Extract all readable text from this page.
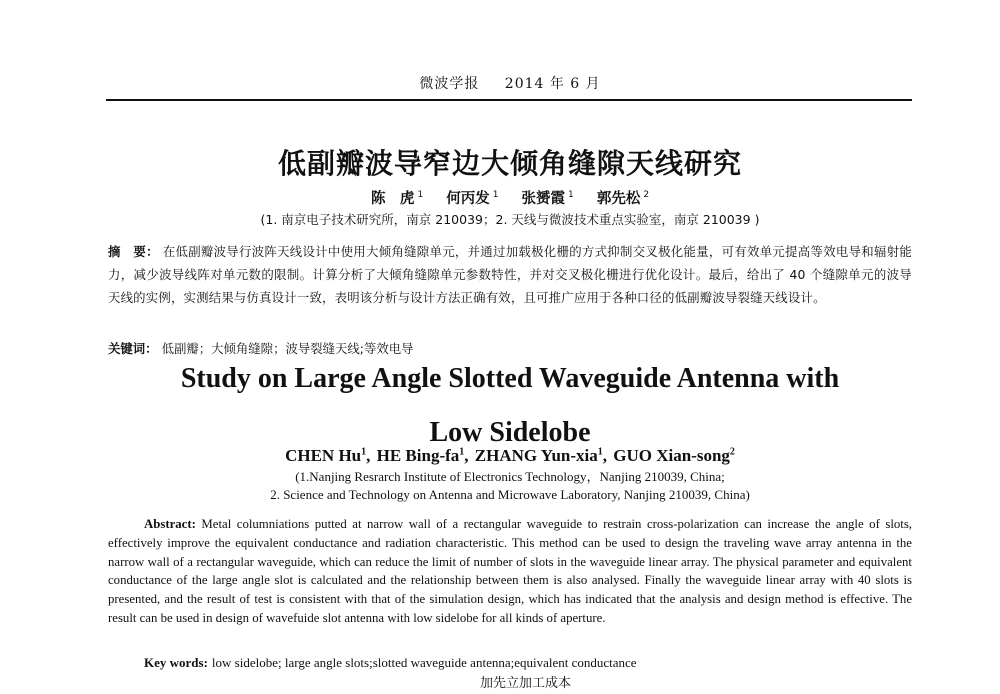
微波学报 2014 年 6 月
低副瓣波导窄边大倾角缝隙天线研究
陈　虎 $^1$ 何丙发 $^1$ 张赟霞 $^1$ 郭先松 $^2$
(1. 南京电子技术研究所，南京 210039；2. 天线与微波技术重点实验室，南京 210039 )
摘　要： 在低副瓣波导行波阵天线设计中使用大倾角缝隙单元，并通过加载极化栅的方式抑制交叉极化能量，可有效单元提高等效电导和辐射能力，减少波导线阵对单元数的限制。计算分析了大倾角缝隙单元参数特性，并对交叉极化栅进行优化设计。最后，给出了 40 个缝隙单元的波导天线的实例，实测结果与仿真设计一致，表明该分析与设计方法正确有效，且可推广应用于各种口径的低副瓣波导裂缝天线设计。
关键词： 低副瓣；大倾角缝隙；波导裂缝天线;等效电导
Study on Large Angle Slotted Waveguide Antenna with
Low Sidelobe
CHEN Hu$^1$, HE Bing-$fa^1$, ZHANG Yun-xia$^1$, GUO Xian-song$^2$
(1.Nanjing Resrarch Institute of Electronics Technology，Nanjing 210039, China;
2. Science and Technology on Antenna and Microwave Laboratory, Nanjing 210039, China)
Abstract: Metal columniations putted at narrow wall of a rectangular waveguide to restrain cross-polarization can increase the angle of slots, effectively improve the equivalent conductance and radiation characteristic. This method can be used to design the traveling wave array antenna in the narrow wall of a rectangular waveguide, which can reduce the limit of number of slots in the waveguide linear array. The physical parameter and equivalent conductance of the large angle slot is calculated and the relationship between them is also analysed. Finally the waveguide linear array with 40 slots is presented, and the result of test is consistent with that of the simulation design, which has indicated that the analysis and design method is effective. The result can be used in design of wavefuide slot antenna with low sidelobe for all kinds of aperture.
Key words: low sidelobe; large angle slots;slotted waveguide antenna;equivalent conductance
加先立加工成本
